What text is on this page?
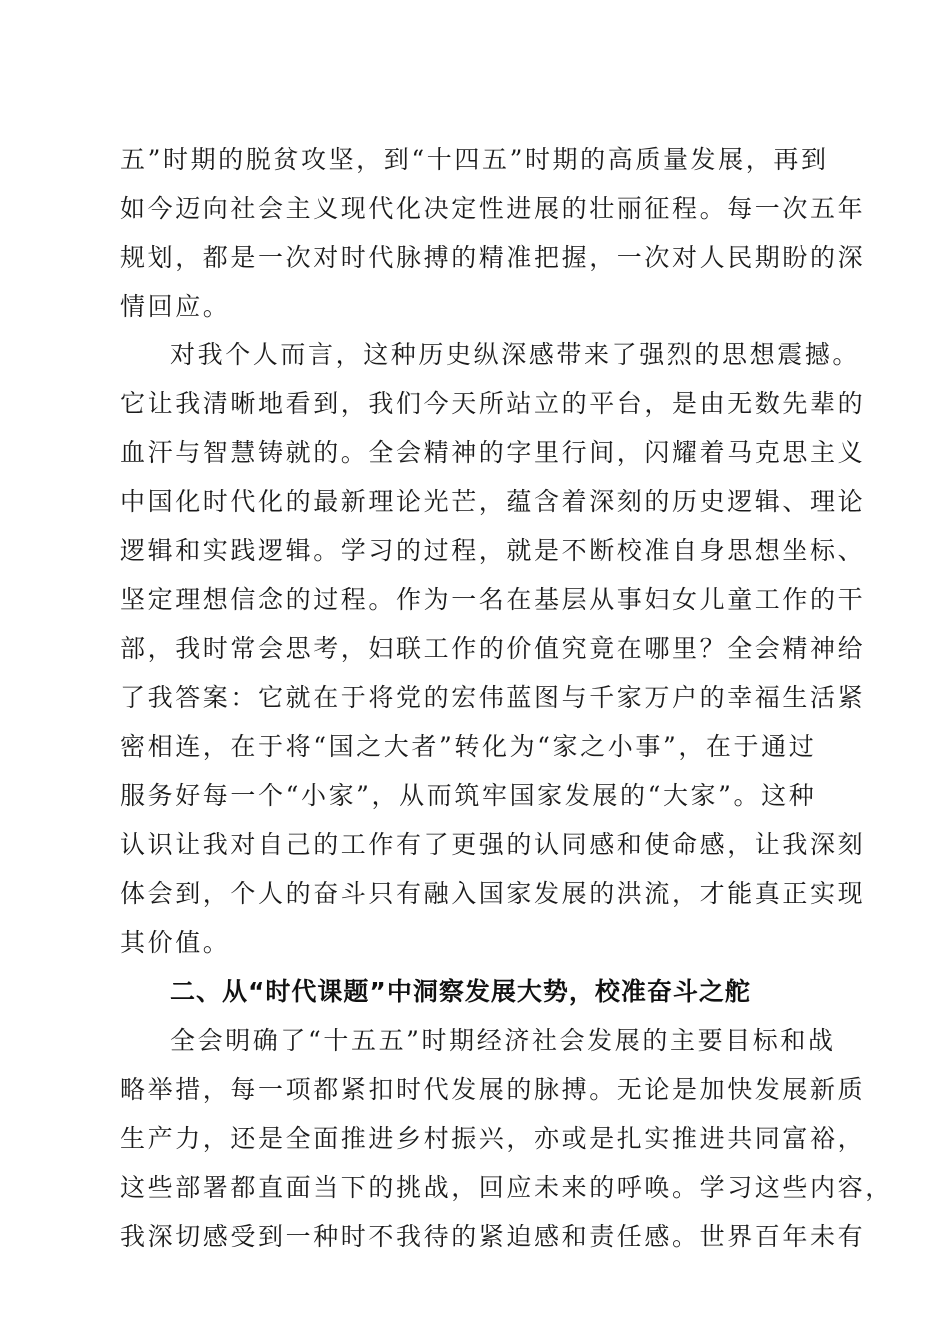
五”时期的脱贫攻坚，到“十四五”时期的高质量发展，再到
如今迈向社会主义现代化决定性进展的壮丽征程。每一次五年
规划，都是一次对时代脉搏的精准把握，一次对人民期盼的深
情回应。
对我个人而言，这种历史纵深感带来了强烈的思想震撼。
它让我清晰地看到，我们今天所站立的平台，是由无数先辈的
血汗与智慧铸就的。全会精神的字里行间，闪耀着马克思主义
中国化时代化的最新理论光芒，蕴含着深刻的历史逻辑、理论
逻辑和实践逻辑。学习的过程，就是不断校准自身思想坐标、
坚定理想信念的过程。作为一名在基层从事妇女儿童工作的干
部，我时常会思考，妇联工作的价值究竟在哪里？全会精神给
了我答案：它就在于将党的宏伟蓝图与千家万户的幸福生活紧
密相连，在于将“国之大者”转化为“家之小事”，在于通过
服务好每一个“小家”，从而筑牢国家发展的“大家”。这种
认识让我对自己的工作有了更强的认同感和使命感，让我深刻
体会到，个人的奋斗只有融入国家发展的洪流，才能真正实现
其价值。
二、从“时代课题”中洞察发展大势，校准奋斗之舵
全会明确了“十五五”时期经济社会发展的主要目标和战
略举措，每一项都紧扣时代发展的脉搏。无论是加快发展新质
生产力，还是全面推进乡村振兴，亦或是扎实推进共同富裕，
这些部署都直面当下的挑战，回应未来的呼唤。学习这些内容，
我深切感受到一种时不我待的紧迫感和责任感。世界百年未有
